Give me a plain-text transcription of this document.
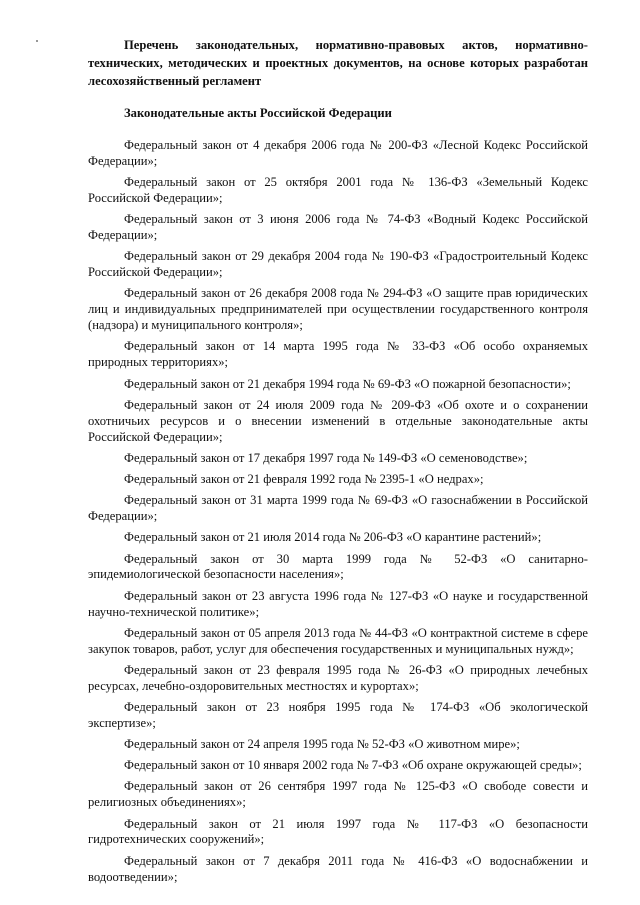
Перечень законодательных, нормативно-правовых актов, нормативно-технических, методических и проектных документов, на основе которых разработан лесохозяйственный регламент

Законодательные акты Российской Федерации

Федеральный закон от 4 декабря 2006 года № 200-ФЗ «Лесной Кодекс Российской Федерации»;

Федеральный закон от 25 октября 2001 года № 136-ФЗ «Земельный Кодекс Российской Федерации»;

Федеральный закон от 3 июня 2006 года № 74-ФЗ «Водный Кодекс Российской Федерации»;

Федеральный закон от 29 декабря 2004 года № 190-ФЗ «Градостроительный Кодекс Российской Федерации»;

Федеральный закон от 26 декабря 2008 года № 294-ФЗ «О защите прав юридических лиц и индивидуальных предпринимателей при осуществлении государственного контроля (надзора) и муниципального контроля»;

Федеральный закон от 14 марта 1995 года № 33-ФЗ «Об особо охраняемых природных территориях»;

Федеральный закон от 21 декабря 1994 года № 69-ФЗ «О пожарной безопасности»;

Федеральный закон от 24 июля 2009 года № 209-ФЗ «Об охоте и о сохранении охотничьих ресурсов и о внесении изменений в отдельные законодательные акты Российской Федерации»;

Федеральный закон от 17 декабря 1997 года № 149-ФЗ «О семеноводстве»;

Федеральный закон от 21 февраля 1992 года № 2395-1 «О недрах»;

Федеральный закон от 31 марта 1999 года № 69-ФЗ «О газоснабжении в Российской Федерации»;

Федеральный закон от 21 июля 2014 года № 206-ФЗ «О карантине растений»;

Федеральный закон от 30 марта 1999 года № 52-ФЗ «О санитарно-эпидемиологической безопасности населения»;

Федеральный закон от 23 августа 1996 года № 127-ФЗ «О науке и государственной научно-технической политике»;

Федеральный закон от 05 апреля 2013 года № 44-ФЗ «О контрактной системе в сфере закупок товаров, работ, услуг для обеспечения государственных и муниципальных нужд»;

Федеральный закон от 23 февраля 1995 года № 26-ФЗ «О природных лечебных ресурсах, лечебно-оздоровительных местностях и курортах»;

Федеральный закон от 23 ноября 1995 года № 174-ФЗ «Об экологической экспертизе»;

Федеральный закон от 24 апреля 1995 года № 52-ФЗ «О животном мире»;

Федеральный закон от 10 января 2002 года № 7-ФЗ «Об охране окружающей среды»;

Федеральный закон от 26 сентября 1997 года № 125-ФЗ «О свободе совести и религиозных объединениях»;

Федеральный закон от 21 июля 1997 года № 117-ФЗ «О безопасности гидротехнических сооружений»;

Федеральный закон от 7 декабря 2011 года № 416-ФЗ «О водоснабжении и водоотведении»;
